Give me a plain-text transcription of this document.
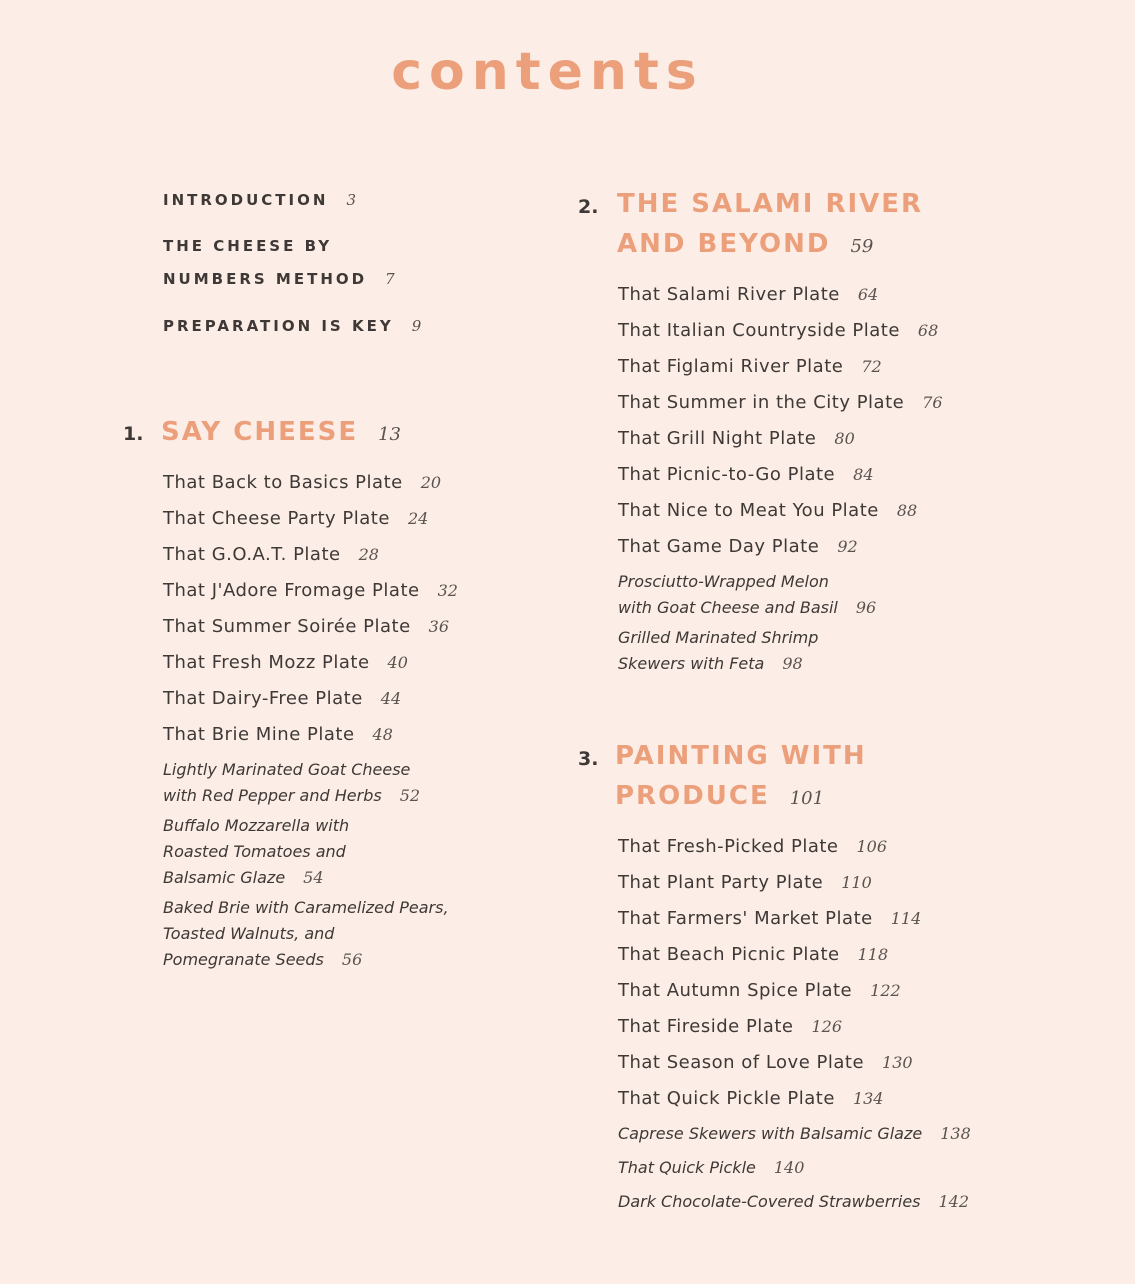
contents
INTRODUCTION 3
THE CHEESE BY
NUMBERS METHOD 7
PREPARATION IS KEY 9
1. SAY CHEESE 13
That Back to Basics Plate 20
That Cheese Party Plate 24
That G.O.A.T. Plate 28
That J'Adore Fromage Plate 32
That Summer Soirée Plate 36
That Fresh Mozz Plate 40
That Dairy-Free Plate 44
That Brie Mine Plate 48
Lightly Marinated Goat Cheese
with Red Pepper and Herbs 52
Buffalo Mozzarella with
Roasted Tomatoes and
Balsamic Glaze 54
Baked Brie with Caramelized Pears,
Toasted Walnuts, and
Pomegranate Seeds 56
2. THE SALAMI RIVER
AND BEYOND 59
That Salami River Plate 64
That Italian Countryside Plate 68
That Figlami River Plate 72
That Summer in the City Plate 76
That Grill Night Plate 80
That Picnic-to-Go Plate 84
That Nice to Meat You Plate 88
That Game Day Plate 92
Prosciutto-Wrapped Melon
with Goat Cheese and Basil 96
Grilled Marinated Shrimp
Skewers with Feta 98
3. PAINTING WITH
PRODUCE 101
That Fresh-Picked Plate 106
That Plant Party Plate 110
That Farmers' Market Plate 114
That Beach Picnic Plate 118
That Autumn Spice Plate 122
That Fireside Plate 126
That Season of Love Plate 130
That Quick Pickle Plate 134
Caprese Skewers with Balsamic Glaze 138
That Quick Pickle 140
Dark Chocolate-Covered Strawberries 142
